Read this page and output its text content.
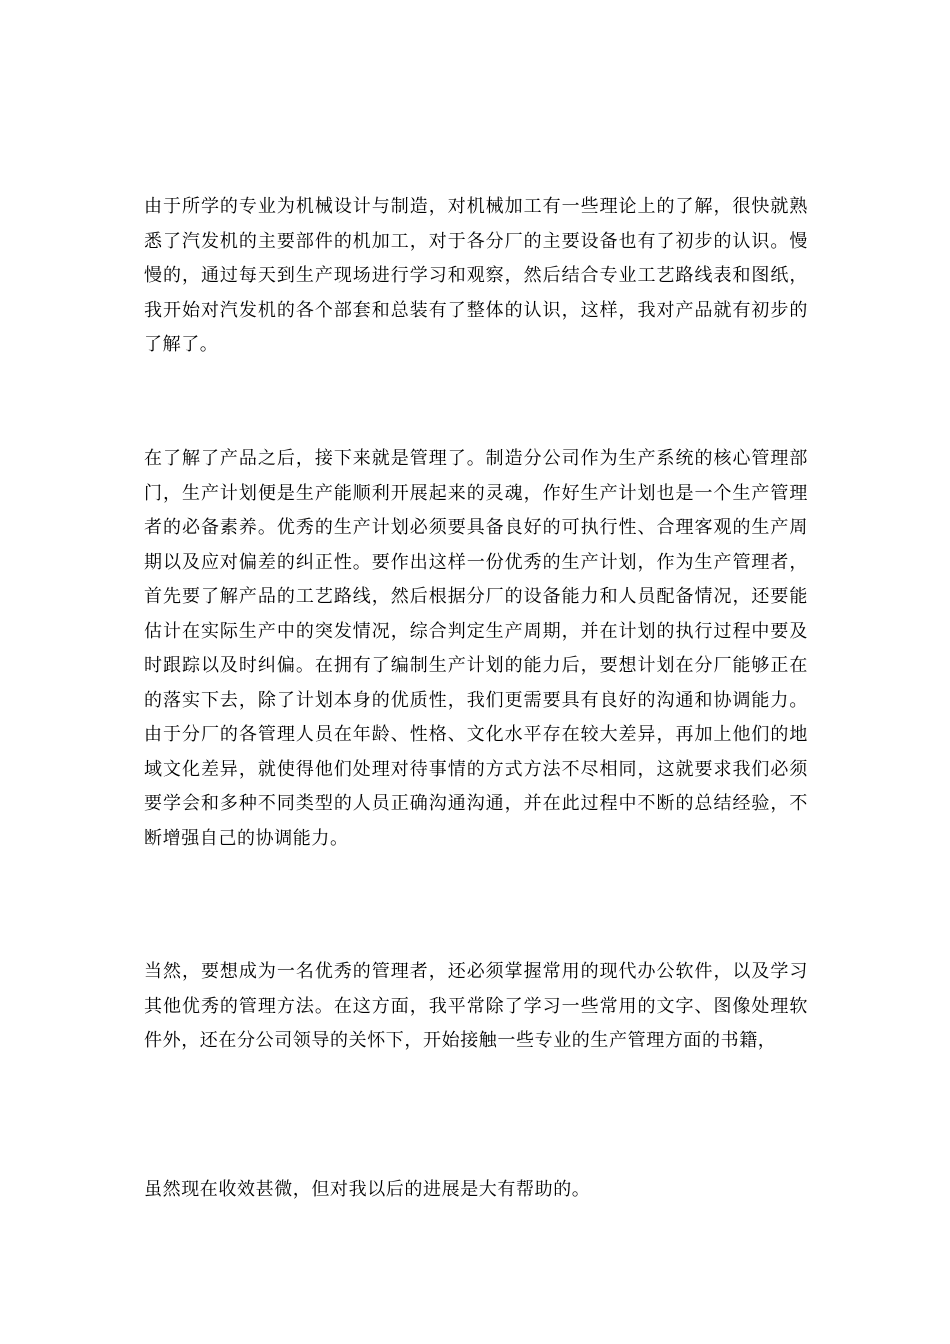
由于所学的专业为机械设计与制造，对机械加工有一些理论上的了解，很快就熟悉了汽发机的主要部件的机加工，对于各分厂的主要设备也有了初步的认识。慢慢的，通过每天到生产现场进行学习和观察，然后结合专业工艺路线表和图纸，我开始对汽发机的各个部套和总装有了整体的认识，这样，我对产品就有初步的了解了。

在了解了产品之后，接下来就是管理了。制造分公司作为生产系统的核心管理部门，生产计划便是生产能顺利开展起来的灵魂，作好生产计划也是一个生产管理者的必备素养。优秀的生产计划必须要具备良好的可执行性、合理客观的生产周期以及应对偏差的纠正性。要作出这样一份优秀的生产计划，作为生产管理者，首先要了解产品的工艺路线，然后根据分厂的设备能力和人员配备情况，还要能估计在实际生产中的突发情况，综合判定生产周期，并在计划的执行过程中要及时跟踪以及时纠偏。在拥有了编制生产计划的能力后，要想计划在分厂能够正在的落实下去，除了计划本身的优质性，我们更需要具有良好的沟通和协调能力。由于分厂的各管理人员在年龄、性格、文化水平存在较大差异，再加上他们的地域文化差异，就使得他们处理对待事情的方式方法不尽相同，这就要求我们必须要学会和多种不同类型的人员正确沟通沟通，并在此过程中不断的总结经验，不断增强自己的协调能力。

当然，要想成为一名优秀的管理者，还必须掌握常用的现代办公软件，以及学习其他优秀的管理方法。在这方面，我平常除了学习一些常用的文字、图像处理软件外，还在分公司领导的关怀下，开始接触一些专业的生产管理方面的书籍，

虽然现在收效甚微，但对我以后的进展是大有帮助的。
